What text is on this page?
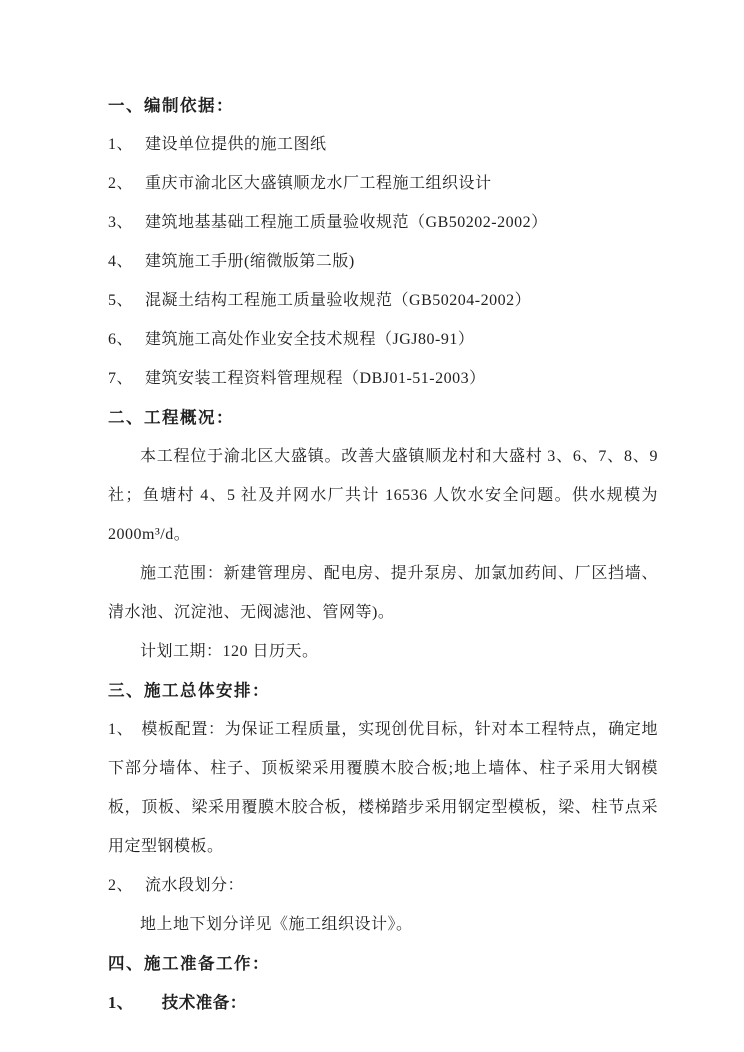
一、编制依据：
1、 建设单位提供的施工图纸
2、 重庆市渝北区大盛镇顺龙水厂工程施工组织设计
3、 建筑地基基础工程施工质量验收规范（GB50202-2002）
4、 建筑施工手册(缩微版第二版)
5、 混凝土结构工程施工质量验收规范（GB50204-2002）
6、 建筑施工高处作业安全技术规程（JGJ80-91）
7、 建筑安装工程资料管理规程（DBJ01-51-2003）
二、工程概况：
本工程位于渝北区大盛镇。改善大盛镇顺龙村和大盛村 3、6、7、8、9 社；鱼塘村 4、5 社及并网水厂共计 16536 人饮水安全问题。供水规模为 2000m³/d。
施工范围：新建管理房、配电房、提升泵房、加氯加药间、厂区挡墙、清水池、沉淀池、无阀滤池、管网等)。
计划工期：120 日历天。
三、施工总体安排：
1、 模板配置：为保证工程质量，实现创优目标，针对本工程特点，确定地下部分墙体、柱子、顶板梁采用覆膜木胶合板;地上墙体、柱子采用大钢模板，顶板、梁采用覆膜木胶合板，楼梯踏步采用钢定型模板，梁、柱节点采用定型钢模板。
2、 流水段划分：
地上地下划分详见《施工组织设计》。
四、施工准备工作：
1、 技术准备：
